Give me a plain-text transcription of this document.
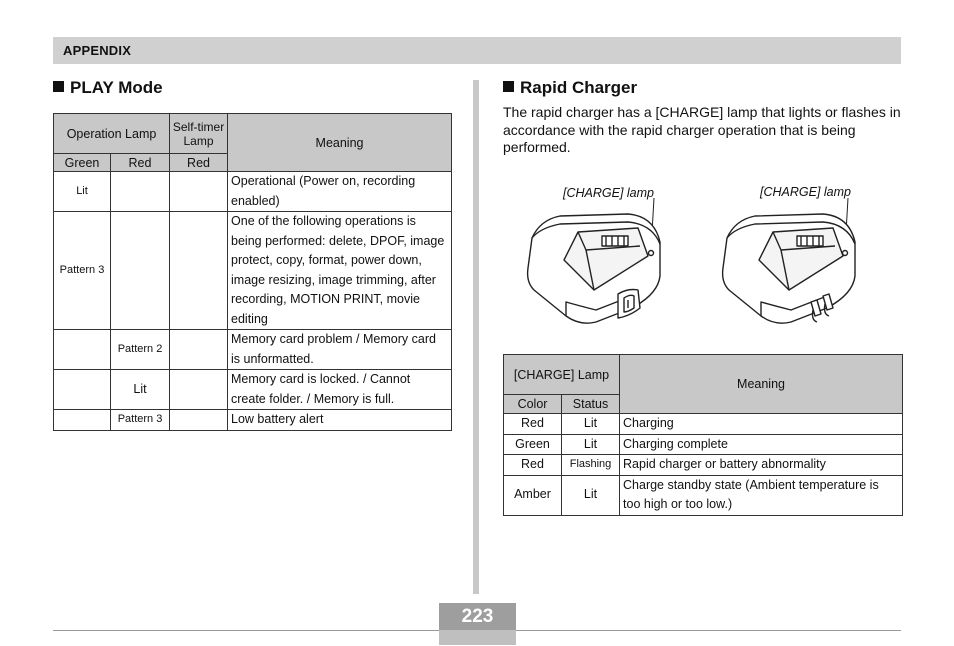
APPENDIX
PLAY Mode
Operation Lamp		Self-timer Lamp	Meaning
Green	Red	Red	
Lit			Operational (Power on, recording enabled)
Pattern 3			One of the following operations is being performed: delete, DPOF, image protect, copy, format, power down, image resizing, image trimming, after recording, MOTION PRINT, movie editing
	Pattern 2		Memory card problem / Memory card is unformatted.
	Lit		Memory card is locked. / Cannot create folder. / Memory is full.
	Pattern 3		Low battery alert
Rapid Charger
The rapid charger has a [CHARGE] lamp that lights or flashes in accordance with the rapid charger operation that is being performed.
[CHARGE] lamp	[CHARGE] lamp
[CHARGE] Lamp		Meaning
Color	Status	
Red	Lit	Charging
Green	Lit	Charging complete
Red	Flashing	Rapid charger or battery abnormality
Amber	Lit	Charge standby state (Ambient temperature is too high or too low.)
223
